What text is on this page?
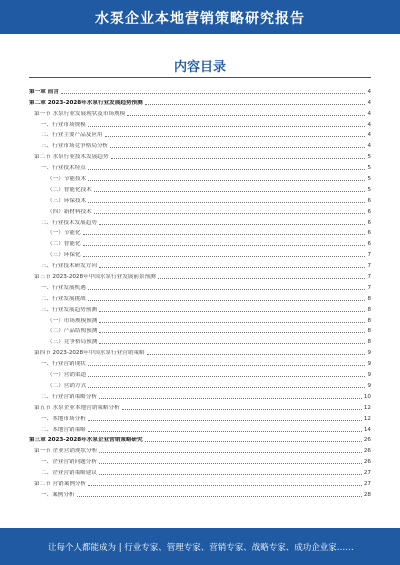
水泵企业本地营销策略研究报告
内容目录
第一章 前言	4
第二章 2023-2028年水泵行业发展趋势预测	4
第一节 水泵行业发展现状及市场规模	4
一、行业市场规模	4
二、行业主要产品及应用	4
三、行业市场竞争格局分析	4
第二节 水泵行业技术发展趋势	5
一、行业技术特点	5
（一）节能技术	5
（二）智能化技术	5
（三）环保技术	6
（四）新材料技术	6
二、行业技术发展趋势	6
（一）节能化	6
（二）智能化	6
（三）环保化	7
三、行业技术研发方向	7
第三节 2023-2028年中国水泵行业发展前景预测	7
一、行业发展机遇	7
二、行业发展挑战	8
三、行业发展趋势预测	8
（一）市场规模预测	8
（二）产品结构预测	8
（三）竞争格局预测	8
第四节 2023-2028年中国水泵行业营销策略	9
一、行业营销现状	9
（一）营销渠道	9
（二）营销方式	9
二、行业营销策略分析	10
第五节 水泵企业本地营销策略分析	12
一、本地市场分析	12
二、本地营销策略	14
第三章 2023-2028年水泵企业营销策略研究	26
第一节 企业营销现状分析	26
一、企业营销问题分析	26
二、企业营销策略建议	27
第二节 营销案例分析	27
一、案例分析	28
让每个人都能成为 | 行业专家、管理专家、营销专家、战略专家、成功企业家……
